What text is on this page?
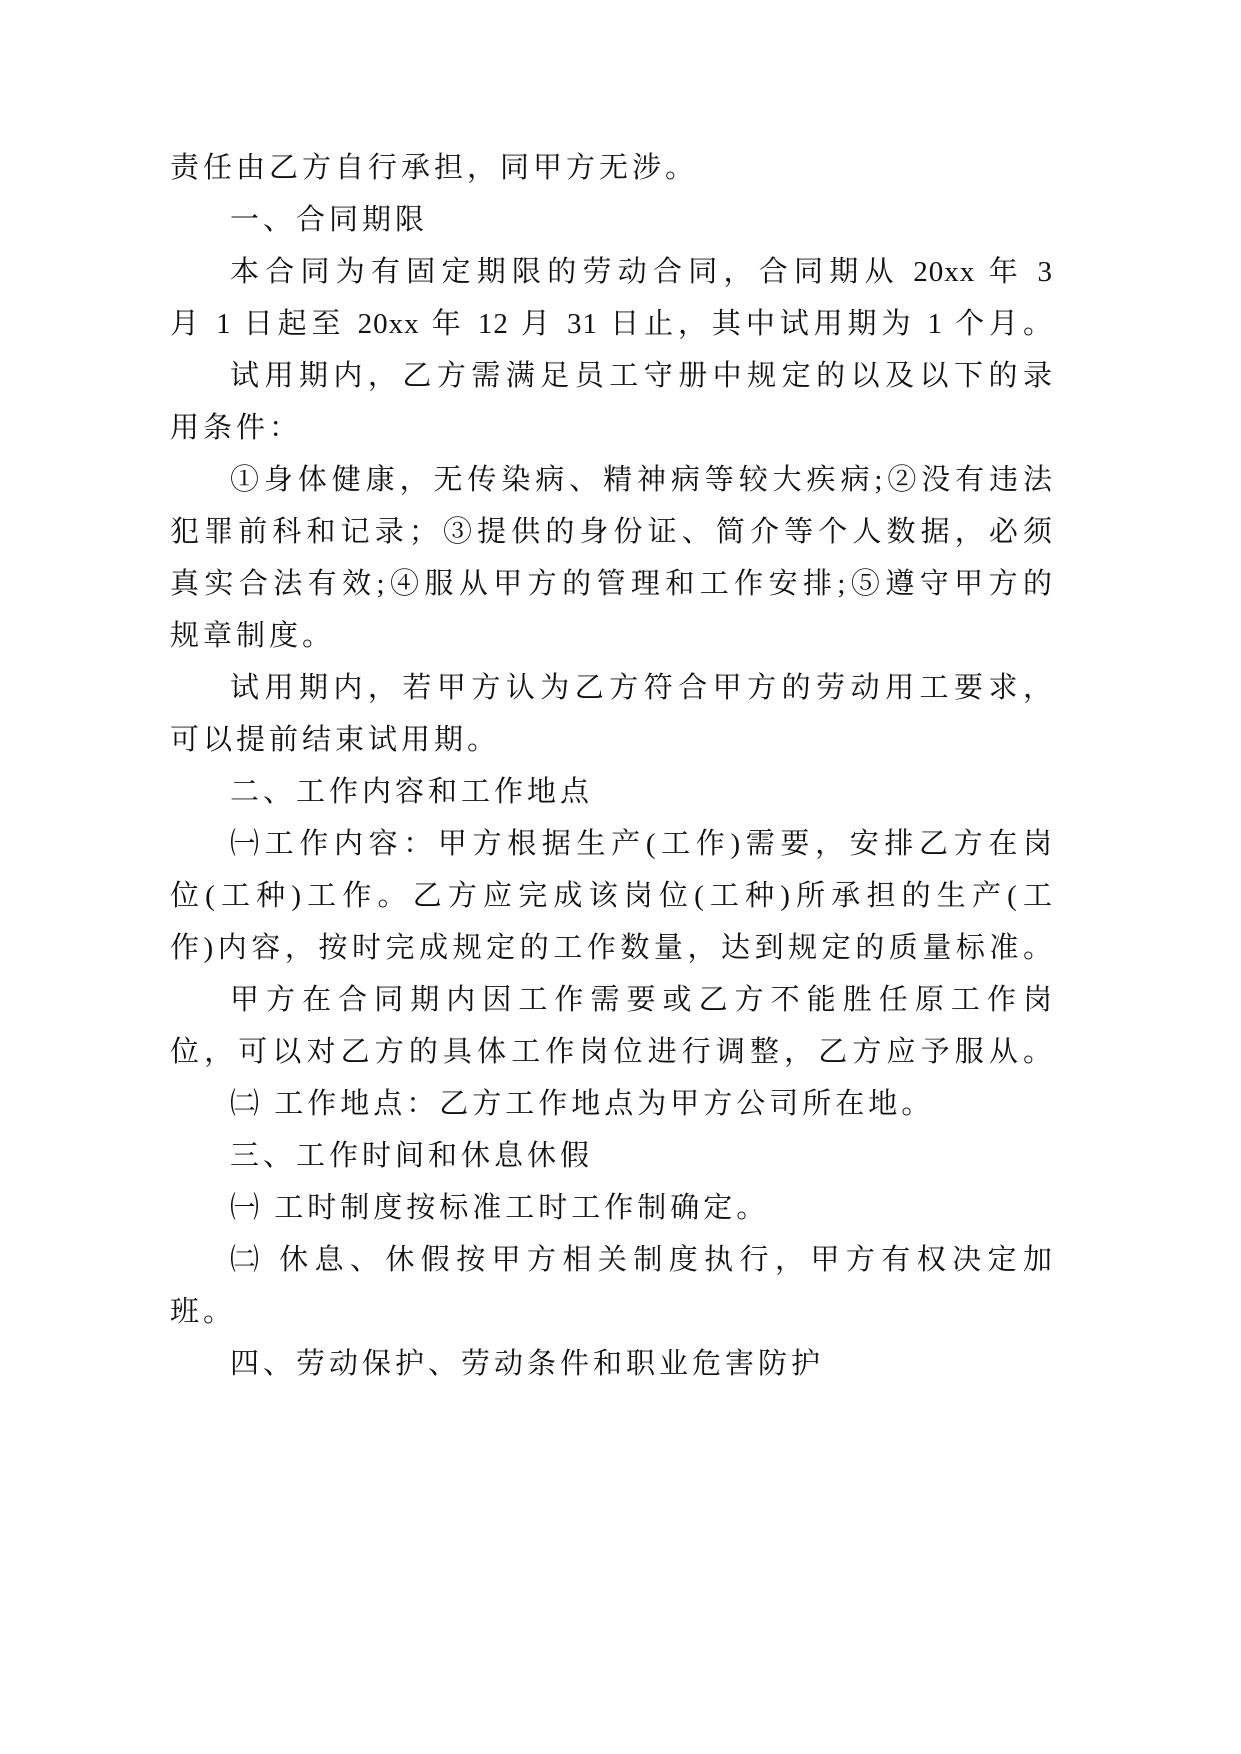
责任由乙方自行承担，同甲方无涉。
一、合同期限
本合同为有固定期限的劳动合同，合同期从 20xx 年 3
月 1 日起至 20xx 年 12 月 31 日止，其中试用期为 1 个月。
试用期内，乙方需满足员工守册中规定的以及以下的录
用条件：
①身体健康，无传染病、精神病等较大疾病;②没有违法
犯罪前科和记录；③提供的身份证、简介等个人数据，必须
真实合法有效;④服从甲方的管理和工作安排;⑤遵守甲方的
规章制度。
试用期内，若甲方认为乙方符合甲方的劳动用工要求，
可以提前结束试用期。
二、工作内容和工作地点
㈠工作内容：甲方根据生产(工作)需要，安排乙方在岗
位(工种)工作。乙方应完成该岗位(工种)所承担的生产(工
作)内容，按时完成规定的工作数量，达到规定的质量标准。
甲方在合同期内因工作需要或乙方不能胜任原工作岗
位，可以对乙方的具体工作岗位进行调整，乙方应予服从。
㈡ 工作地点：乙方工作地点为甲方公司所在地。
三、工作时间和休息休假
㈠ 工时制度按标准工时工作制确定。
㈡ 休息、休假按甲方相关制度执行，甲方有权决定加
班。
四、劳动保护、劳动条件和职业危害防护
